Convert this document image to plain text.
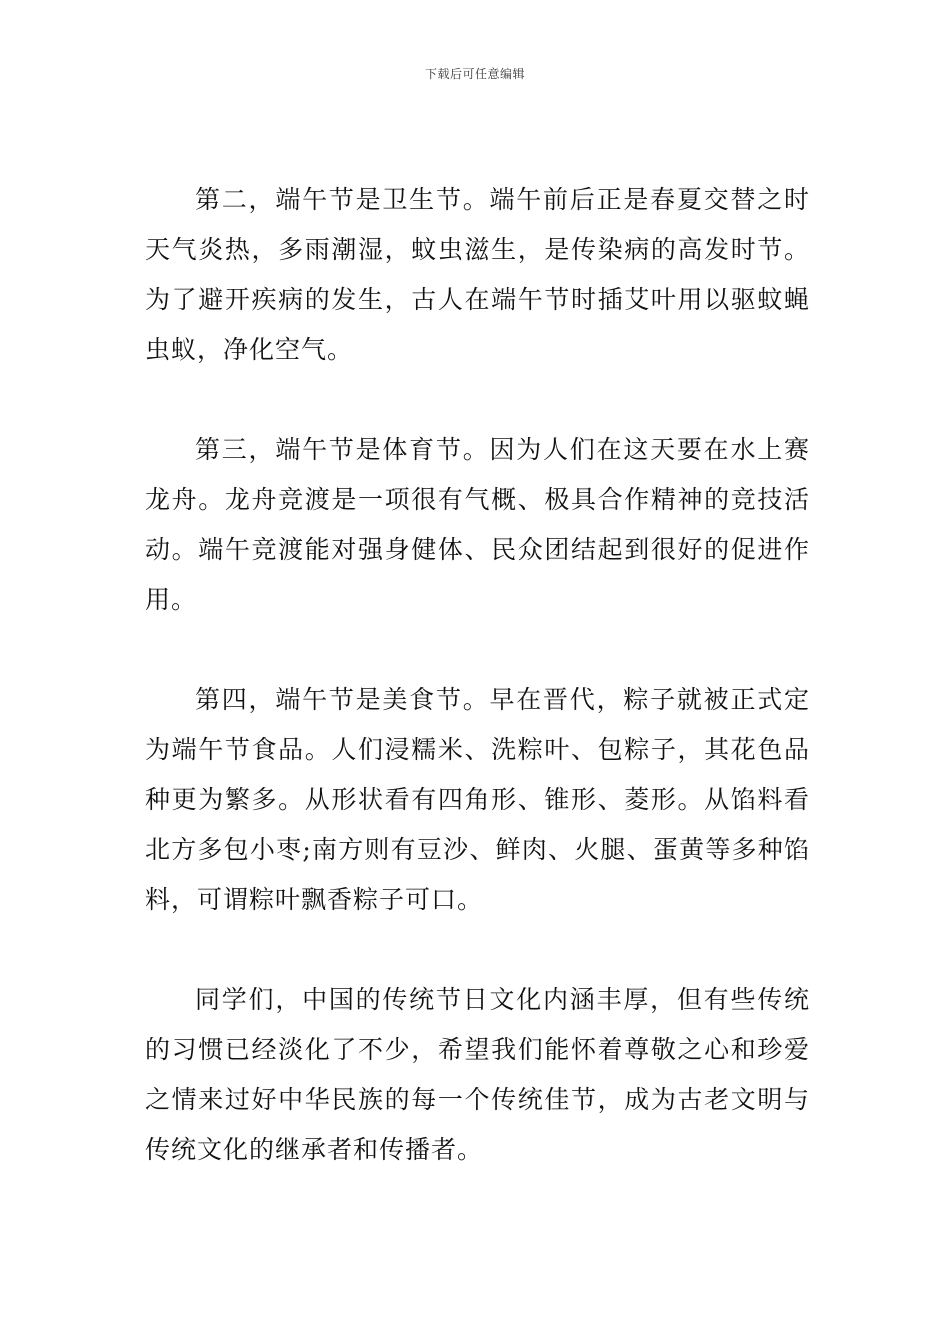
下载后可任意编辑

第二，端午节是卫生节。端午前后正是春夏交替之时天气炎热，多雨潮湿，蚊虫滋生，是传染病的高发时节。为了避开疾病的发生，古人在端午节时插艾叶用以驱蚊蝇虫蚁，净化空气。

第三，端午节是体育节。因为人们在这天要在水上赛龙舟。龙舟竞渡是一项很有气概、极具合作精神的竞技活动。端午竞渡能对强身健体、民众团结起到很好的促进作用。

第四，端午节是美食节。早在晋代，粽子就被正式定为端午节食品。人们浸糯米、洗粽叶、包粽子，其花色品种更为繁多。从形状看有四角形、锥形、菱形。从馅料看北方多包小枣;南方则有豆沙、鲜肉、火腿、蛋黄等多种馅料，可谓粽叶飘香粽子可口。

同学们，中国的传统节日文化内涵丰厚，但有些传统的习惯已经淡化了不少，希望我们能怀着尊敬之心和珍爱之情来过好中华民族的每一个传统佳节，成为古老文明与传统文化的继承者和传播者。
